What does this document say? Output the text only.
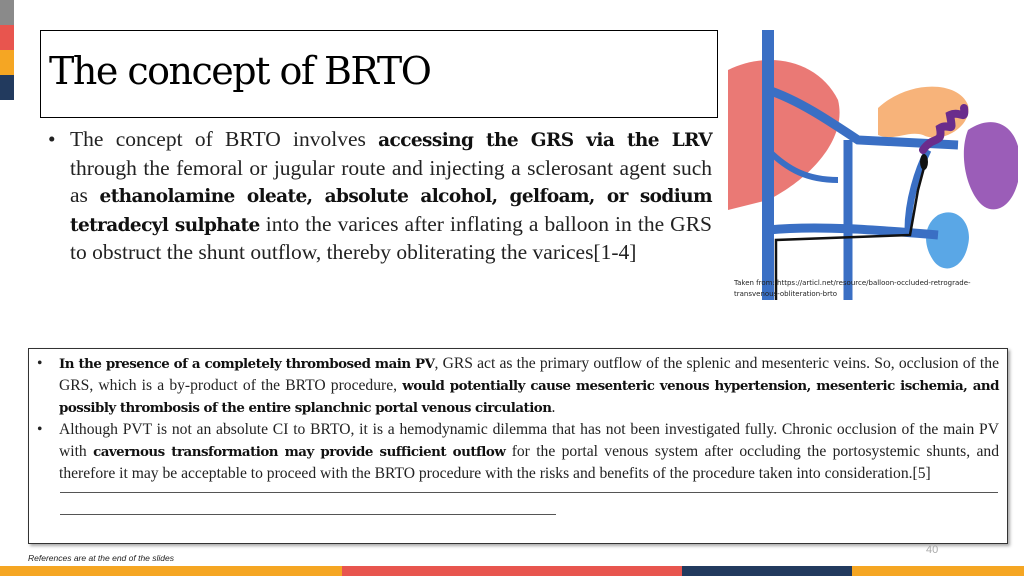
The concept of BRTO
• The concept of BRTO involves accessing the GRS via the LRV through the femoral or jugular route and injecting a sclerosant agent such as ethanolamine oleate, absolute alcohol, gelfoam, or sodium tetradecyl sulphate into the varices after inflating a balloon in the GRS to obstruct the shunt outflow, thereby obliterating the varices[1-4]
Taken from: https://articl.net/resource/balloon-occluded-retrograde-transvenous-obliteration-brto
• In the presence of a completely thrombosed main PV, GRS act as the primary outflow of the splenic and mesenteric veins. So, occlusion of the GRS, which is a by-product of the BRTO procedure, would potentially cause mesenteric venous hypertension, mesenteric ischemia, and possibly thrombosis of the entire splanchnic portal venous circulation.
• Although PVT is not an absolute CI to BRTO, it is a hemodynamic dilemma that has not been investigated fully. Chronic occlusion of the main PV with cavernous transformation may provide sufficient outflow for the portal venous system after occluding the portosystemic shunts, and therefore it may be acceptable to proceed with the BRTO procedure with the risks and benefits of the procedure taken into consideration.[5]
40
References are at the end of the slides
